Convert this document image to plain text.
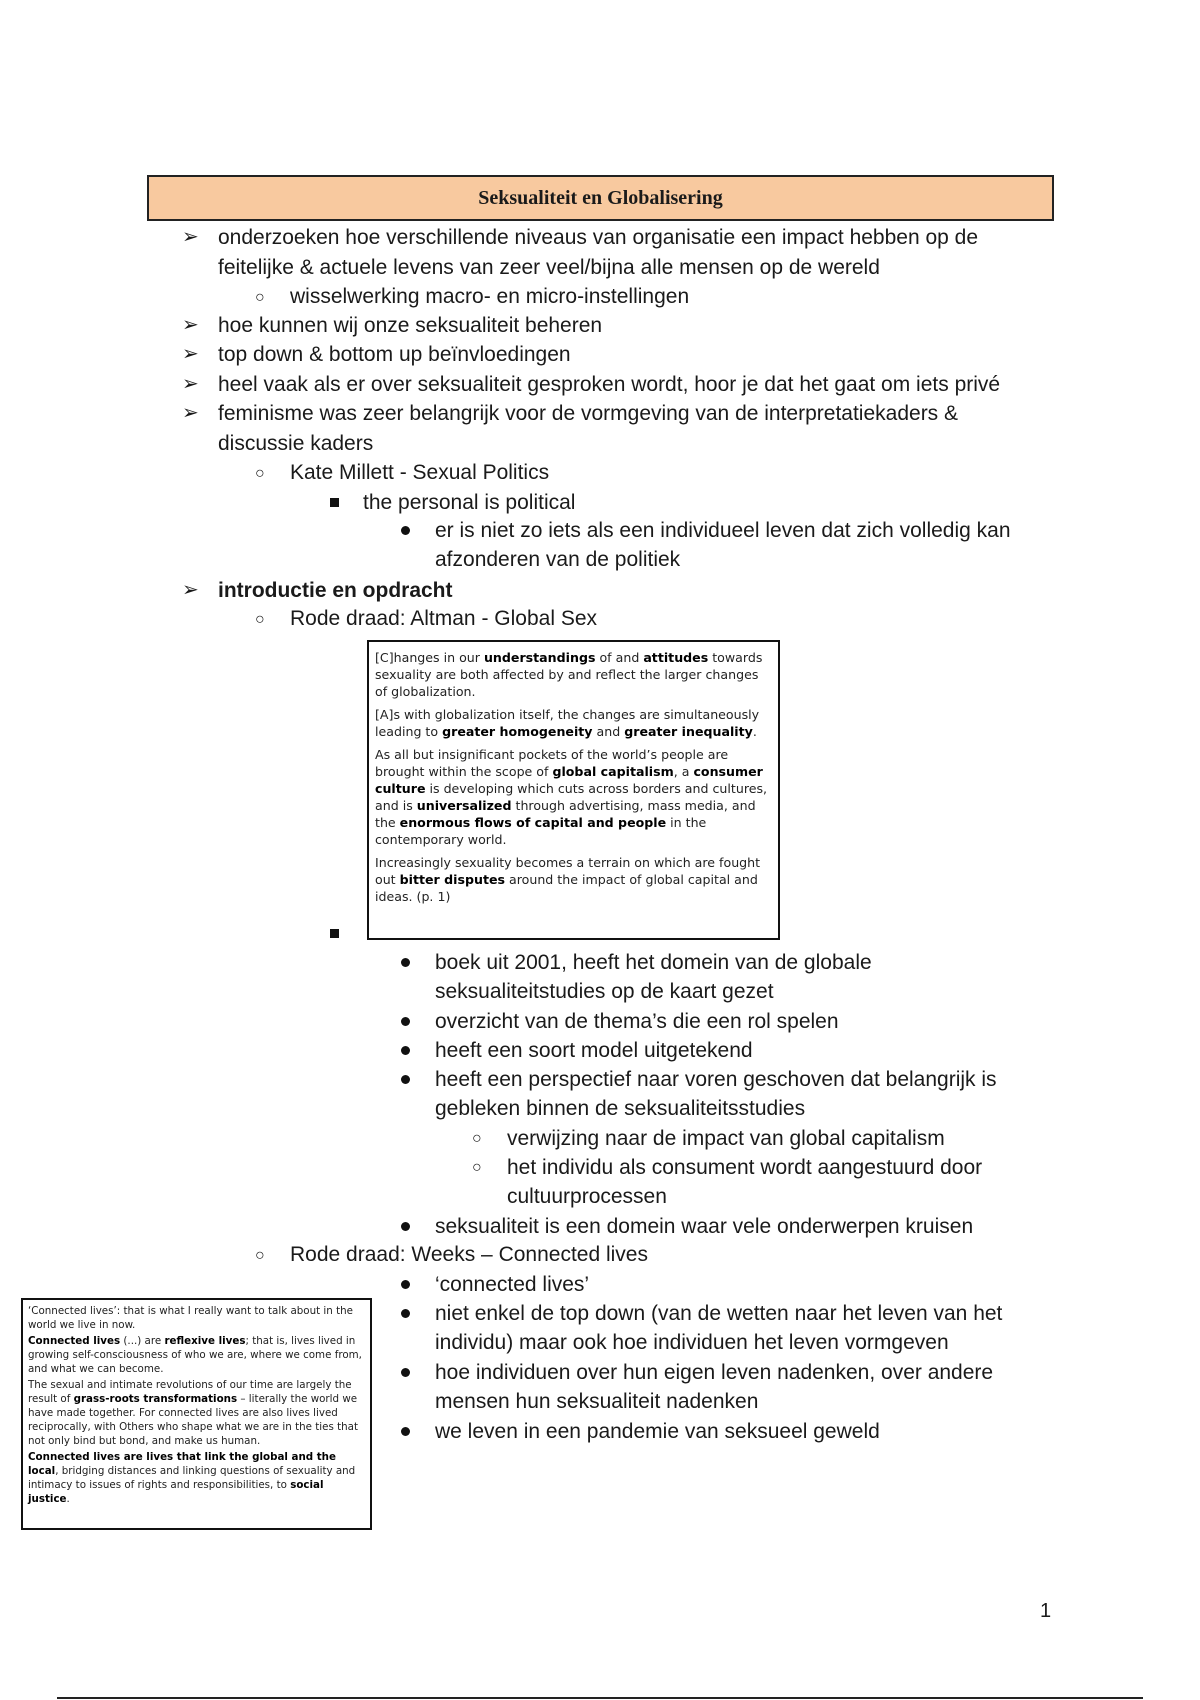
Seksualiteit en Globalisering
➢ onderzoeken hoe verschillende niveaus van organisatie een impact hebben op de
feitelijke & actuele levens van zeer veel/bijna alle mensen op de wereld
○ wisselwerking macro- en micro-instellingen
➢ hoe kunnen wij onze seksualiteit beheren
➢ top down & bottom up beïnvloedingen
➢ heel vaak als er over seksualiteit gesproken wordt, hoor je dat het gaat om iets privé
➢ feminisme was zeer belangrijk voor de vormgeving van de interpretatiekaders &
discussie kaders
○ Kate Millett - Sexual Politics
the personal is political
er is niet zo iets als een individueel leven dat zich volledig kan
afzonderen van de politiek
➢ introductie en opdracht
○ Rode draad: Altman - Global Sex

[C]hanges in our understandings of and attitudes towards sexuality are both affected by and reflect the larger changes of globalization.

[A]s with globalization itself, the changes are simultaneously leading to greater homogeneity and greater inequality.

As all but insignificant pockets of the world’s people are brought within the scope of global capitalism, a consumer culture is developing which cuts across borders and cultures, and is universalized through advertising, mass media, and the enormous flows of capital and people in the contemporary world.

Increasingly sexuality becomes a terrain on which are fought out bitter disputes around the impact of global capital and ideas. (p. 1)

boek uit 2001, heeft het domein van de globale
seksualiteitstudies op de kaart gezet
overzicht van de thema’s die een rol spelen
heeft een soort model uitgetekend
heeft een perspectief naar voren geschoven dat belangrijk is
gebleken binnen de seksualiteitsstudies
○ verwijzing naar de impact van global capitalism
○ het individu als consument wordt aangestuurd door
cultuurprocessen
seksualiteit is een domein waar vele onderwerpen kruisen
○ Rode draad: Weeks – Connected lives
‘connected lives’
niet enkel de top down (van de wetten naar het leven van het
individu) maar ook hoe individuen het leven vormgeven
hoe individuen over hun eigen leven nadenken, over andere
mensen hun seksualiteit nadenken
we leven in een pandemie van seksueel geweld

‘Connected lives’: that is what I really want to talk about in the world we live in now.

Connected lives (...) are reflexive lives; that is, lives lived in growing self-consciousness of who we are, where we come from, and what we can become.

The sexual and intimate revolutions of our time are largely the result of grass-roots transformations – literally the world we have made together. For connected lives are also lives lived reciprocally, with Others who shape what we are in the ties that not only bind but bond, and make us human.

Connected lives are lives that link the global and the local, bridging distances and linking questions of sexuality and intimacy to issues of rights and responsibilities, to social justice.

1
